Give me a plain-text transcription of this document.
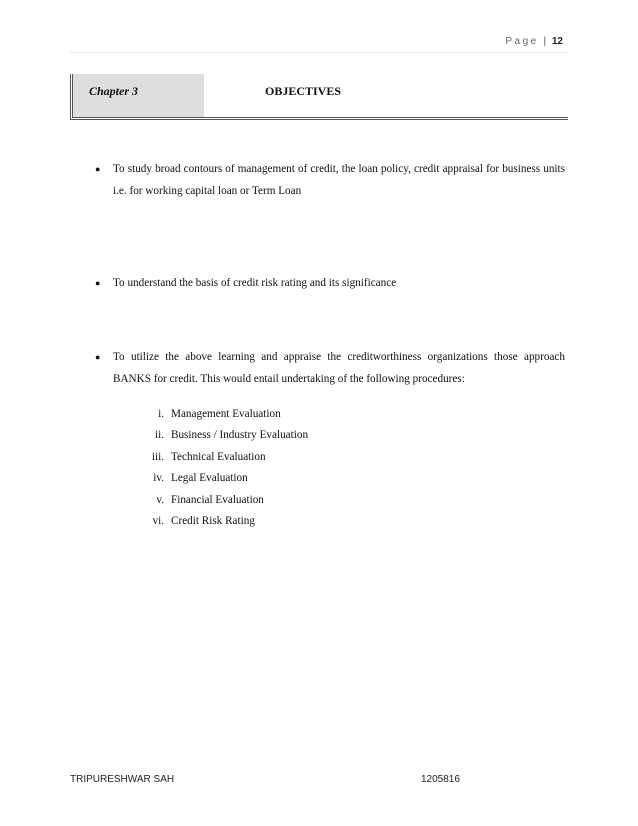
Page | 12
Chapter 3	OBJECTIVES
● To study broad contours of management of credit, the loan policy, credit appraisal for business units i.e. for working capital loan or Term Loan
● To understand the basis of credit risk rating and its significance
● To utilize the above learning and appraise the creditworthiness organizations those approach BANKS for credit. This would entail undertaking of the following procedures:
i. Management Evaluation
ii. Business / Industry Evaluation
iii. Technical Evaluation
iv. Legal Evaluation
v. Financial Evaluation
vi. Credit Risk Rating
TRIPURESHWAR SAH	1205816
